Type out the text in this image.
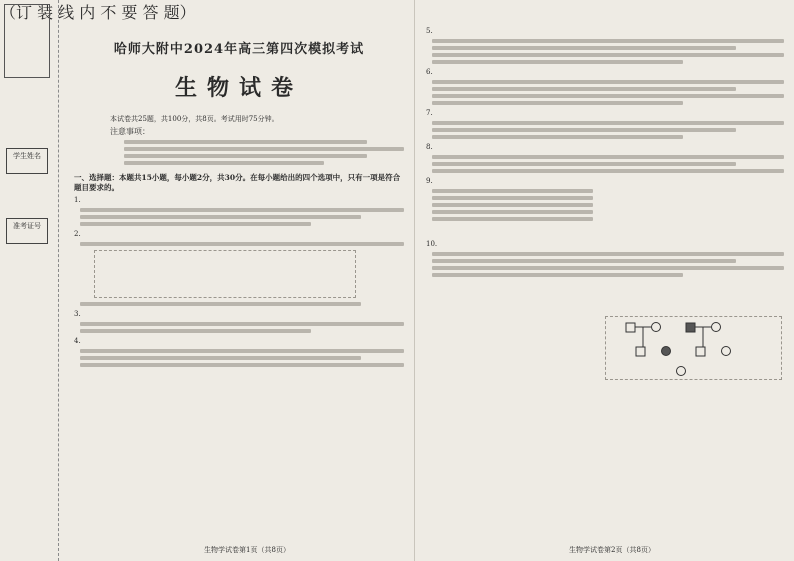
学生姓名
准考证号
（订 装 线 内 不 要 答 题）
哈师大附中2024年高三第四次模拟考试
生物试卷
本试卷共25题，共100分，共8页。考试用时75分钟。
注意事项：
一、选择题：本题共15小题，每小题2分，共30分。在每小题给出的四个选项中，只有一项是符合题目要求的。
1.
2.
3.
4.
生物学试卷第1页（共8页）
5.
6.
7.
8.
9.
10.
生物学试卷第2页（共8页）
